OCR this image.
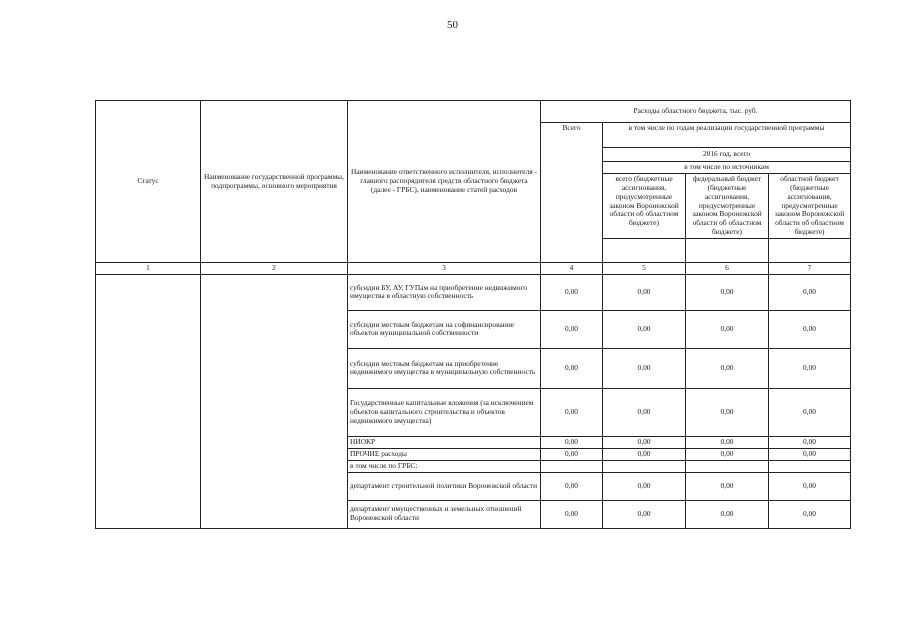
50
Статус	Наименование государственной программы, подпрограммы, основного мероприятия	Наименование ответственного исполнителя, исполнителя - главного распорядителя средств областного бюджета (далее - ГРБС), наименование статей расходов	Расходы областного бюджета, тыс. руб.			
			Всего	в том числе по годам реализации государственной программы		
				2016 год, всего		
				в том числе по источникам		
				всего (бюджетные ассигнования, предусмотренные законом Воронежской области об областном бюджете)	федеральный бюджет (бюджетные ассигнования, предусмотренные законом Воронежской области об областном бюджете)	областной бюджет (бюджетные ассигнования, предусмотренные законом Воронежской области об областном бюджете)

1	2	3	4	5	6	7
		субсидии БУ, АУ, ГУПам на приобретение недвижимого имущества в областную собственность	0,00	0,00	0,00	0,00
		субсидии местным бюджетам на софинансирование объектов муниципальной собственности	0,00	0,00	0,00	0,00
		субсидии местным бюджетам на приобретение недвижимого имущества в муниципальную собственность	0,00	0,00	0,00	0,00
		Государственные капитальные вложения (за исключением объектов капитального строительства и объектов недвижимого имущества)	0,00	0,00	0,00	0,00
		НИОКР	0,00	0,00	0,00	0,00
		ПРОЧИЕ расходы	0,00	0,00	0,00	0,00
		в том числе по ГРБС:				
		департамент строительной политики Воронежской области	0,00	0,00	0,00	0,00
		департамент имущественных и земельных отношений Воронежской области	0,00	0,00	0,00	0,00
